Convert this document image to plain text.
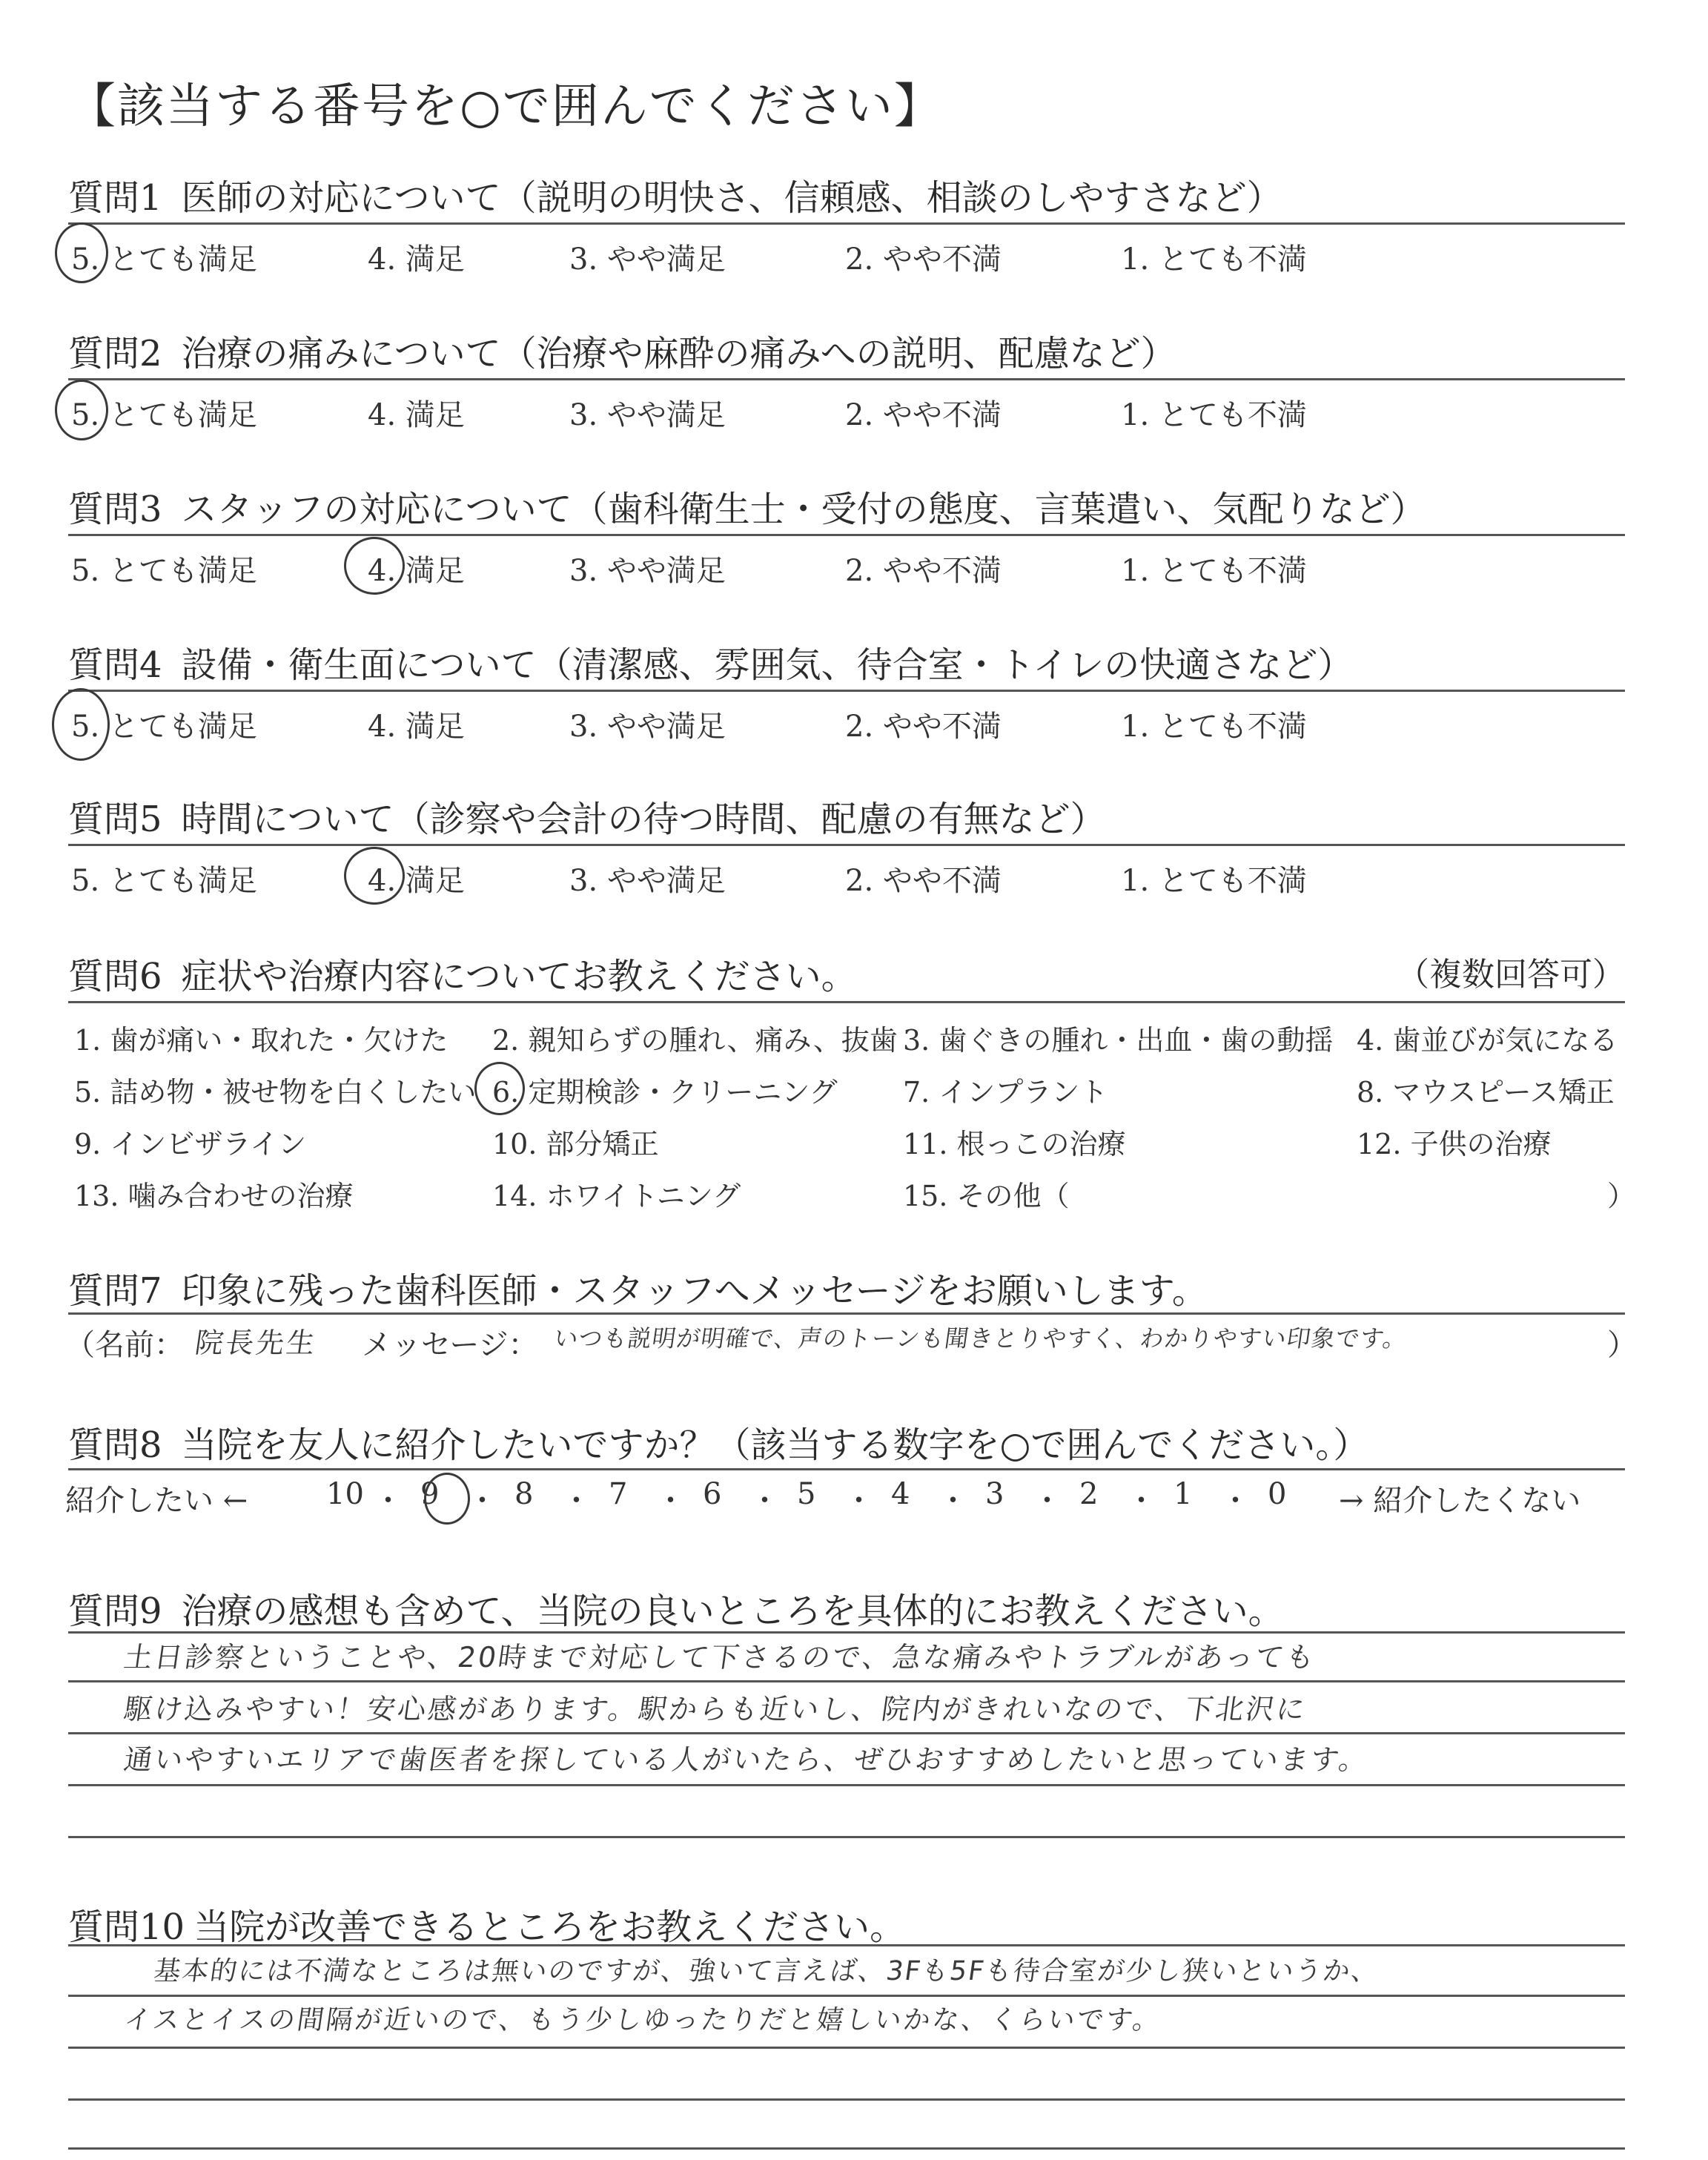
【該当する番号を○で囲んでください】
質問1 医師の対応について（説明の明快さ、信頼感、相談のしやすさなど）
5. とても満足	4. 満足	3. やや満足	2. やや不満	1. とても不満
質問2 治療の痛みについて（治療や麻酔の痛みへの説明、配慮など）
5. とても満足	4. 満足	3. やや満足	2. やや不満	1. とても不満
質問3 スタッフの対応について（歯科衛生士・受付の態度、言葉遣い、気配りなど）
5. とても満足	4. 満足	3. やや満足	2. やや不満	1. とても不満
質問4 設備・衛生面について（清潔感、雰囲気、待合室・トイレの快適さなど）
5. とても満足	4. 満足	3. やや満足	2. やや不満	1. とても不満
質問5 時間について（診察や会計の待つ時間、配慮の有無など）
5. とても満足	4. 満足	3. やや満足	2. やや不満	1. とても不満
質問6 症状や治療内容についてお教えください。	（複数回答可）
1. 歯が痛い・取れた・欠けた 2. 親知らずの腫れ、痛み、抜歯 3. 歯ぐきの腫れ・出血・歯の動揺 4. 歯並びが気になる
5. 詰め物・被せ物を白くしたい 6. 定期検診・クリーニング 7. インプラント	8. マウスピース矯正
9. インビザライン	10. 部分矯正	11. 根っこの治療	12. 子供の治療
13. 噛み合わせの治療	14. ホワイトニング	15. その他（	）
質問7 印象に残った歯科医師・スタッフへメッセージをお願いします。
（名前： 院長先生 メッセージ： いつも説明が明確で、声のトーンも聞きとりやすく、わかりやすい印象です。	）
質問8 当院を友人に紹介したいですか？（該当する数字を○で囲んでください。）
紹介したい ←	10 ・ 9 ・ 8 ・ 7 ・ 6 ・ 5 ・ 4 ・ 3 ・ 2 ・ 1 ・ 0 → 紹介したくない
質問9 治療の感想も含めて、当院の良いところを具体的にお教えください。
土日診察ということや、20時まで対応して下さるので、急な痛みやトラブルがあっても
駆け込みやすい！安心感があります。駅からも近いし、院内がきれいなので、下北沢に
通いやすいエリアで歯医者を探している人がいたら、ぜひおすすめしたいと思っています。
質問10 当院が改善できるところをお教えください。
基本的には不満なところは無いのですが、強いて言えば、3Fも5Fも待合室が少し狭いというか、
イスとイスの間隔が近いので、もう少しゆったりだと嬉しいかな、くらいです。
